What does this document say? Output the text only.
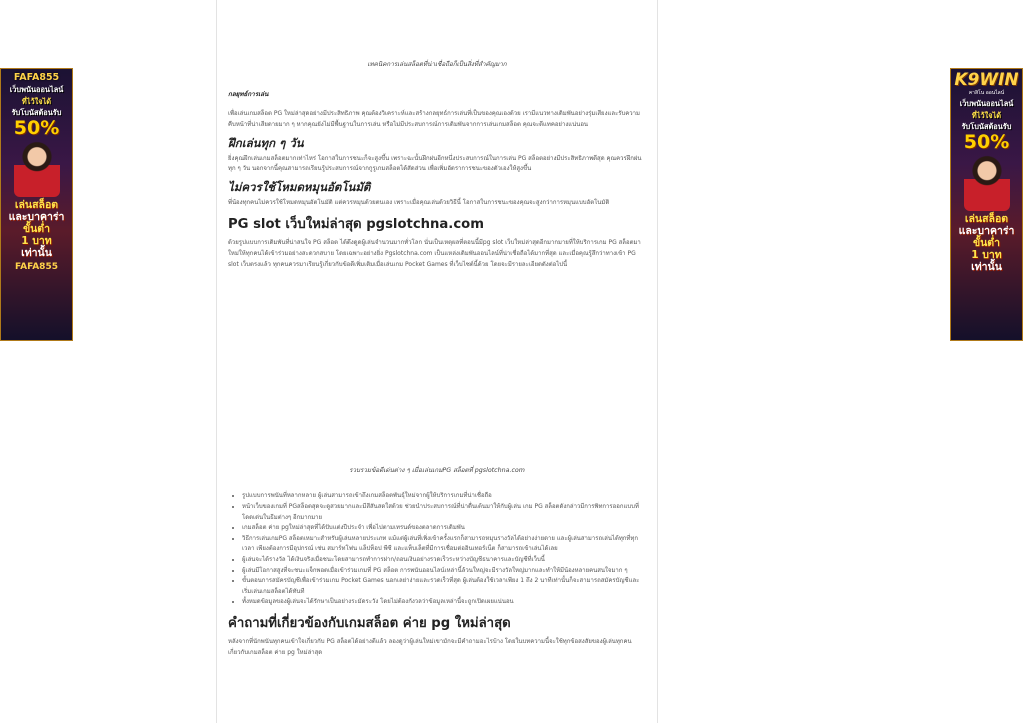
FAFA855
เว็บพนันออนไลน์
ที่ไว้ใจได้
รับโบนัสต้อนรับ
50%
เล่นสล็อต
และบาคาร่า
ขั้นต่ำ
1 บาท
เท่านั้น
FAFA855
K9WIN
คาสิโน ออนไลน์
เว็บพนันออนไลน์
ที่ไว้ใจได้
รับโบนัสต้อนรับ
50%
เล่นสล็อต
และบาคาร่า
ขั้นต่ำ
1 บาท
เท่านั้น
เทคนิคการเล่นสล็อตที่น่าเชื่อถือก็เป็นสิ่งที่สำคัญมาก
กลยุทธ์การเล่น

เพื่อเล่นเกมสล็อต PG ใหม่ล่าสุดอย่างมีประสิทธิภาพ คุณต้องวิเคราะห์และสร้างกลยุทธ์การเล่นที่เป็นของคุณเองด้วย เรามีแนวทางเดิมพันอย่างรุ่มเสียงและรับความคืบหน้าที่น่าเสียดายมาก ๆ หากคุณยังไม่มีพื้นฐานในการเล่น หรือไม่มีประสบการณ์การเดิมพันจากการเล่นเกมสล็อต คุณจะดีแทคอย่างแน่นอน

ฝึกเล่นทุก ๆ วัน

ยิ่งคุณฝึกเล่นเกมสล็อตมากเท่าไหร่ โอกาสในการชนะก็จะสูงขึ้น เพราะฉะนั้นฝึกฝนอีกหนึ่งประสบการณ์ในการเล่น PG สล็อตอย่างมีประสิทธิภาพดีสุด คุณควรฝึกฝนทุก ๆ วัน นอกจากนี้คุณสามารถเรียนรู้ประสบการณ์จากกูรูเกมสล็อตได้สัดส่วน เพื่อเพิ่มอัตราการชนะของตัวเองให้สูงขึ้น

ไม่ควรใช้โหมดหมุนอัตโนมัติ

พี่น้องทุกคนไม่ควรใช้โหมดหมุนอัตโนมัติ แต่ควรหมุนด้วยตนเอง เพราะเมื่อคุณเล่นด้วยวิธีนี้ โอกาสในการชนะของคุณจะสูงกว่าการหมุนแบบอัตโนมัติ

PG slot เว็บใหม่ล่าสุด pgslotchna.com

ด้วยรูปแบบการเดิมพันที่น่าสนใจ PG สล็อต ได้ดึงดูดผู้เล่นจำนวนมากทั่วโลก นั่นเป็นเหตุผลที่ตอนนี้มีpg slot เว็บใหม่ล่าสุดอีกมากมายที่ให้บริการเกม PG สล็อตมาใหม่ให้ทุกคนได้เข้าร่วมอย่างสะดวกสบาย โดยเฉพาะอย่างยิ่ง Pgslotchna.com เป็นแหล่งเดิมพันออนไลน์ที่น่าเชื่อถือได้มากที่สุด และเมื่อคุณรู้สึกว่าทางเข้า PG slot เว็บตรงแล้ว ทุกคนควรมาเรียนรู้เกี่ยวกับข้อดีเพิ่มเติมเมื่อเล่นเกม Pocket Games ที่เว็บไซต์นี้ด้วย โดยจะมีรายละเอียดดังต่อไปนี้

รวบรวมข้อดีเด่นต่าง ๆ เมื่อเล่นเกมPG สล็อตที่ pgslotchna.com
• รูปแบบการพนันที่หลากหลาย ผู้เล่นสามารถเข้าถึงเกมสล็อตพันธุ์ใหม่จากผู้ให้บริการเกมที่น่าเชื่อถือ
• หน้าเว็บของเกมที่ PGสล็อตสุดจะดูสวยมากและมีสีสันสดใสด้วย ช่วยนำประสบการณ์ที่น่าตื่นเต้นมาให้กับผู้เล่น เกม PG สล็อตดังกล่าวมีการพิทการออกแบบที่โดดเด่นในธีมต่างๆ อีกมากมาย
• เกมสล็อต ค่าย pgใหม่ล่าสุดที่ได้ปับแต่งปีประจำ เพื่อไปตามเทรนด์ของตลาดการเดิมพัน
• วิธีการเล่นเกมPG สล็อตเหมาะสำหรับผู้เล่นหลายประเภท แม้แต่ผู้เล่นที่เพิ่งเข้าครั้งแรกก็สามารถหมุนรางวัลได้อย่างง่ายดาย และผู้เล่นสามารถเล่นได้ทุกที่ทุกเวลา เพียงต้องการมีอุปกรณ์ เช่น สมาร์ทโฟน แล็ปท็อป พีซี และแท็บเล็ตที่มีการเชื่อมต่ออินเทอร์เน็ต ก็สามารถเข้าเล่นได้เลย
• ผู้เล่นจะได้รางวัล ได้เงินจริงเมื่อชนะโดยสามารถทำการฝาก/ถอนเงินอย่างรวดเร็วระหว่างบัญชีธนาคารและบัญชีที่เว็บนี้
• ผู้เล่นมีโอกาสสูงที่จะชนะแจ็กพอตเมื่อเข้าร่วมเกมที่ PG สล็อต การพนันออนไลน์เหล่านี้ล้วนใหญ่จะมีรางวัลใหญ่มากและทำให้มีน้องหลายคนสนใจมาก ๆ
• ขั้นตอนการสมัครบัญชีเพื่อเข้าร่วมเกม Pocket Games นอกเลย่าง่ายและรวดเร็วที่สุด ผู้เล่นต้องใช้เวลาเพียง 1 ถึง 2 นาทีเท่านั้นก็จะสามารถสมัครบัญชีและเริ่มเล่นเกมสล็อตได้ทันที
• ทั้งหมดข้อมูลของผู้เล่นจะได้รักษาเป็นอย่างระมัดระวัง โดยไม่ต้องกังวลว่าข้อมูลเหล่านี้จะถูกเปิดเผยแน่นอน
คำถามที่เกี่ยวข้องกับเกมสล็อต ค่าย pg ใหม่ล่าสุด

หลังจากที่นักพนันทุกคนเข้าใจเกี่ยวกับ PG สล็อตได้อย่างดีแล้ว ลองดูว่าผู้เล่นใหม่เขามักจะมีคำถามอะไรบ้าง โดยในบทความนี้จะใช้ทุกข้อสงสัยของผู้เล่นทุกคน เกี่ยวกับเกมสล็อต ค่าย pg ใหม่ล่าสุด
